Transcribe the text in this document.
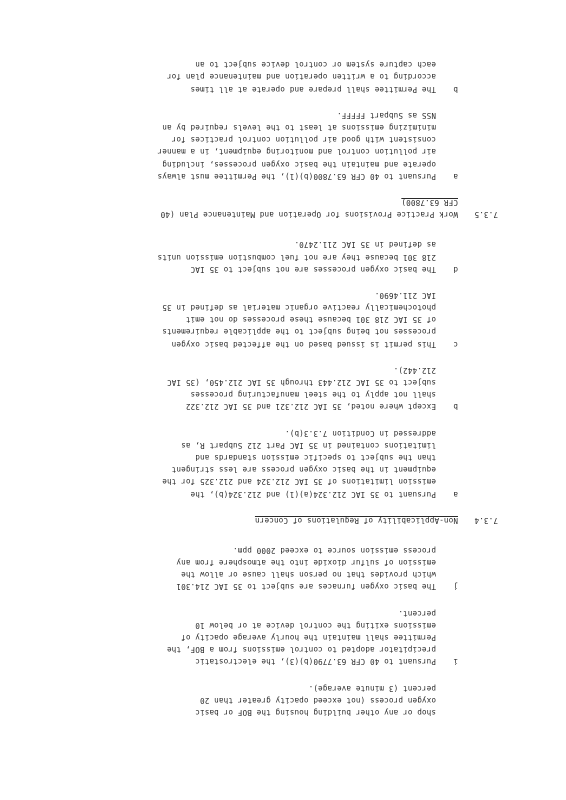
shop or any other building housing the BOF or basic
oxygen process (not exceed opacity greater than 20
percent (3 minute average).
i
Pursuant to 40 CFR 63.7790(b)(3), the electrostatic
precipitator adopted to control emissions from a BOF, the
Permittee shall maintain the hourly average opacity of
emissions exiting the control device at or below 10
percent.
j
The basic oxygen furnaces are subject to 35 IAC 214.301
which provides that no person shall cause or allow the
emission of sulfur dioxide into the atmosphere from any
process emission source to exceed 2000 ppm.
7.3.4
Non-Applicability of Regulations of Concern
a
Pursuant to 35 IAC 212.324(a)(1) and 212.324(b), the
emission limitations of 35 IAC 212.324 and 212.325 for the
equipment in the basic oxygen process are less stringent
than the subject to specific emission standards and
limitations contained in 35 IAC Part 212 Subpart R, as
addressed in Condition 7.3.3(b).
b
Except where noted, 35 IAC 212.321 and 35 IAC 212.322
shall not apply to the steel manufacturing processes
subject to 35 IAC 212.443 through 35 IAC 212.450, (35 IAC
212.442).
c
This permit is issued based on the affected basic oxygen
processes not being subject to the applicable requirements
of 35 IAC 218 301 because these processes do not emit
photochemically reactive organic material as defined in 35
IAC 211.4690.
d
The basic oxygen processes are not subject to 35 IAC
218 301 because they are not fuel combustion emission units
as defined in 35 IAC 211.2470.
7.3.5
Work Practice Provisions for Operation and Maintenance Plan (40
CFR 63.7800)
a
Pursuant to 40 CFR 63.7800(b)(1), the Permittee must always
operate and maintain the basic oxygen processes, including
air pollution control and monitoring equipment, in a manner
consistent with good air pollution control practices for
minimizing emissions at least to the levels required by an
NSS as Subpart FFFFF.
b
The Permittee shall prepare and operate at all times
according to a written operation and maintenance plan for
each capture system or control device subject to an
